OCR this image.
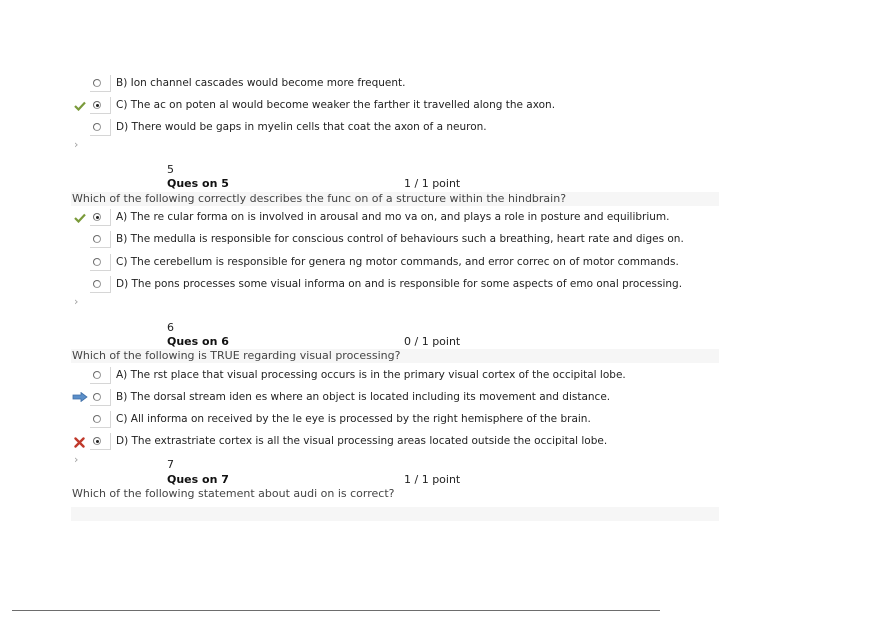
B) Ion channel cascades would become more frequent.
C) The ac on poten al would become weaker the farther it travelled along the axon.
D) There would be gaps in myelin cells that coat the axon of a neuron.
›
5
Ques on 5	1 / 1 point
Which of the following correctly describes the func on of a structure within the hindbrain?
A) The re cular forma on is involved in arousal and mo va on, and plays a role in posture and equilibrium.
B) The medulla is responsible for conscious control of behaviours such a breathing, heart rate and diges on.
C) The cerebellum is responsible for genera ng motor commands, and error correc on of motor commands.
D) The pons processes some visual informa on and is responsible for some aspects of emo onal processing.
›
6
Ques on 6	0 / 1 point
Which of the following is TRUE regarding visual processing?
A) The rst place that visual processing occurs is in the primary visual cortex of the occipital lobe.
B) The dorsal stream iden es where an object is located including its movement and distance.
C) All informa on received by the le eye is processed by the right hemisphere of the brain.
D) The extrastriate cortex is all the visual processing areas located outside the occipital lobe.
›	7
Ques on 7	1 / 1 point
Which of the following statement about audi on is correct?
